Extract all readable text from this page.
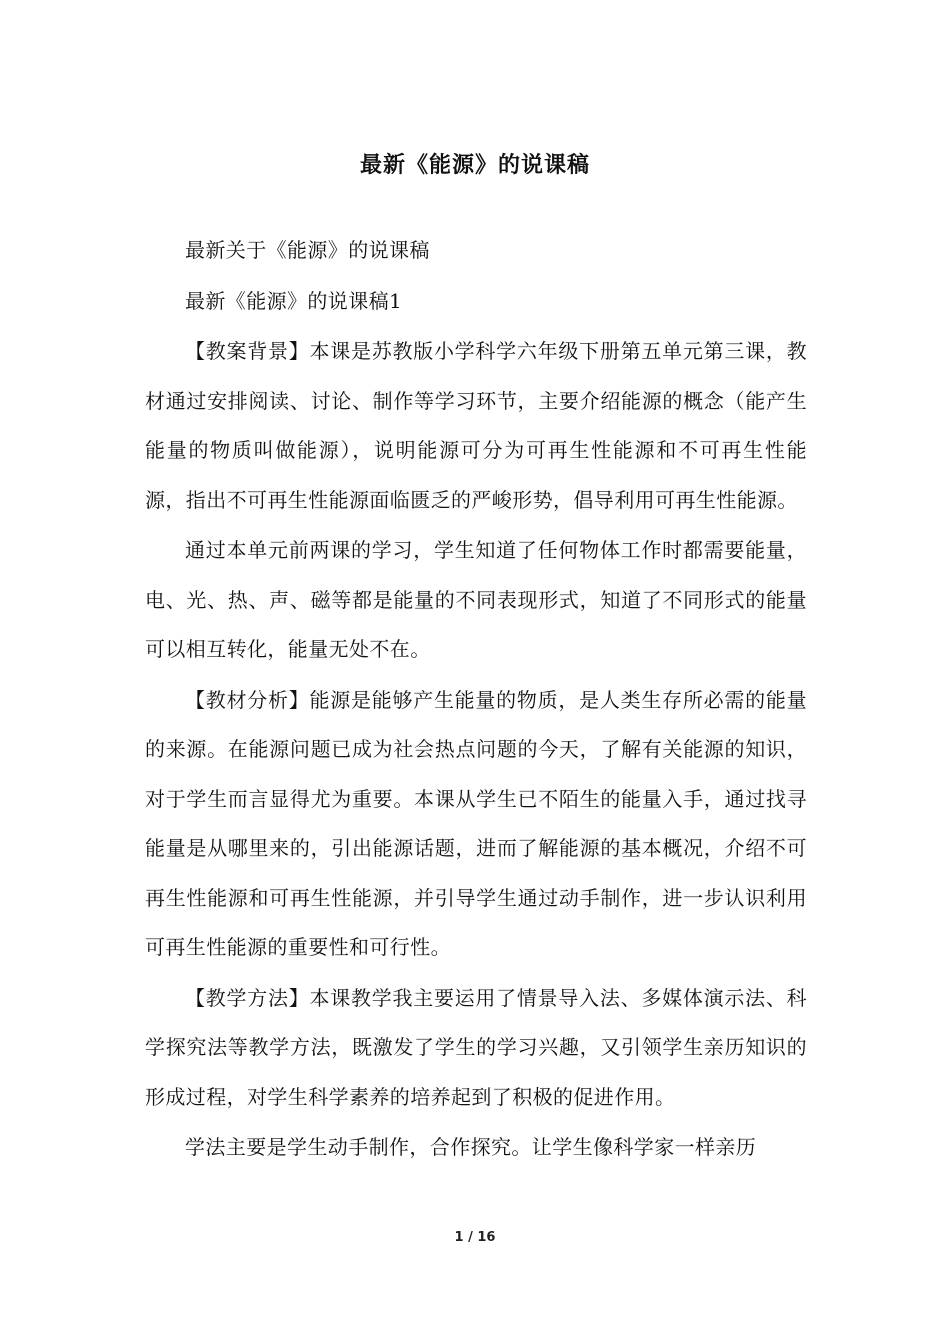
最新《能源》的说课稿

最新关于《能源》的说课稿

最新《能源》的说课稿1

【教案背景】本课是苏教版小学科学六年级下册第五单元第三课，教材通过安排阅读、讨论、制作等学习环节，主要介绍能源的概念（能产生能量的物质叫做能源），说明能源可分为可再生性能源和不可再生性能源，指出不可再生性能源面临匮乏的严峻形势，倡导利用可再生性能源。

通过本单元前两课的学习，学生知道了任何物体工作时都需要能量，电、光、热、声、磁等都是能量的不同表现形式，知道了不同形式的能量可以相互转化，能量无处不在。

【教材分析】能源是能够产生能量的物质，是人类生存所必需的能量的来源。在能源问题已成为社会热点问题的今天，了解有关能源的知识，对于学生而言显得尤为重要。本课从学生已不陌生的能量入手，通过找寻能量是从哪里来的，引出能源话题，进而了解能源的基本概况，介绍不可再生性能源和可再生性能源，并引导学生通过动手制作，进一步认识利用可再生性能源的重要性和可行性。

【教学方法】本课教学我主要运用了情景导入法、多媒体演示法、科学探究法等教学方法，既激发了学生的学习兴趣，又引领学生亲历知识的形成过程，对学生科学素养的培养起到了积极的促进作用。

学法主要是学生动手制作，合作探究。让学生像科学家一样亲历

1 / 16
